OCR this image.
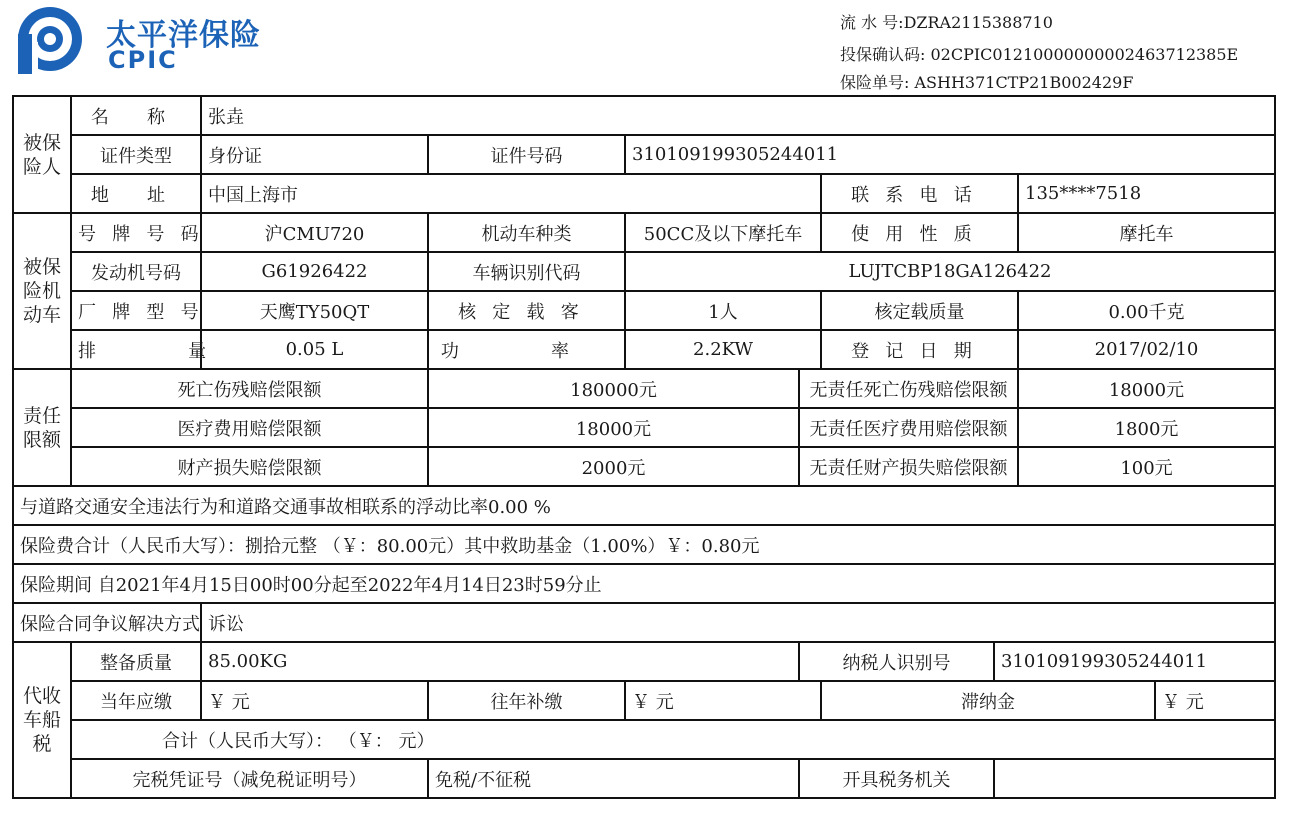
太平洋保险
CPIC
流 水 号:DZRA2115388710
投保确认码: 02CPIC01210000000002463712385E
保险单号: ASHH371CTP21B002429F
被保险人	名 称	张垚							
	证件类型	身份证	证件号码	310109199305244011					
	地 址	中国上海市				联系电话		135****7518	
被保险机动车	号牌号码	沪CMU720	机动车种类	50CC及以下摩托车		使用性质		摩托车	
	发动机号码	G61926422	车辆识别代码	LUJTCBP18GA126422					
	厂牌型号	天鹰TY50QT	核定载客	1人		核定载质量		0.00千克	
	排 量	0.05 L	功 率	2.2KW		登记日期		2017/02/10	
责任限额	死亡伤残赔偿限额		180000元		无责任死亡伤残赔偿限额			18000元	
	医疗费用赔偿限额		18000元		无责任医疗费用赔偿限额			1800元	
	财产损失赔偿限额		2000元		无责任财产损失赔偿限额			100元	
与道路交通安全违法行为和道路交通事故相联系的浮动比率0.00 %									
保险费合计（人民币大写）：捌拾元整 （￥：80.00元）其中救助基金（1.00%）￥：0.80元									
保险期间 自2021年4月15日00时00分起至2022年4月14日23时59分止									
保险合同争议解决方式		诉讼							
代收车船税	整备质量	85.00KG			纳税人识别号		310109199305244011		
	当年应缴	￥ 元	往年补缴	￥ 元		滞纳金			￥ 元
	合计（人民币大写）： （￥： 元）								
	完税凭证号（减免税证明号）		免税/不征税		开具税务机关				
